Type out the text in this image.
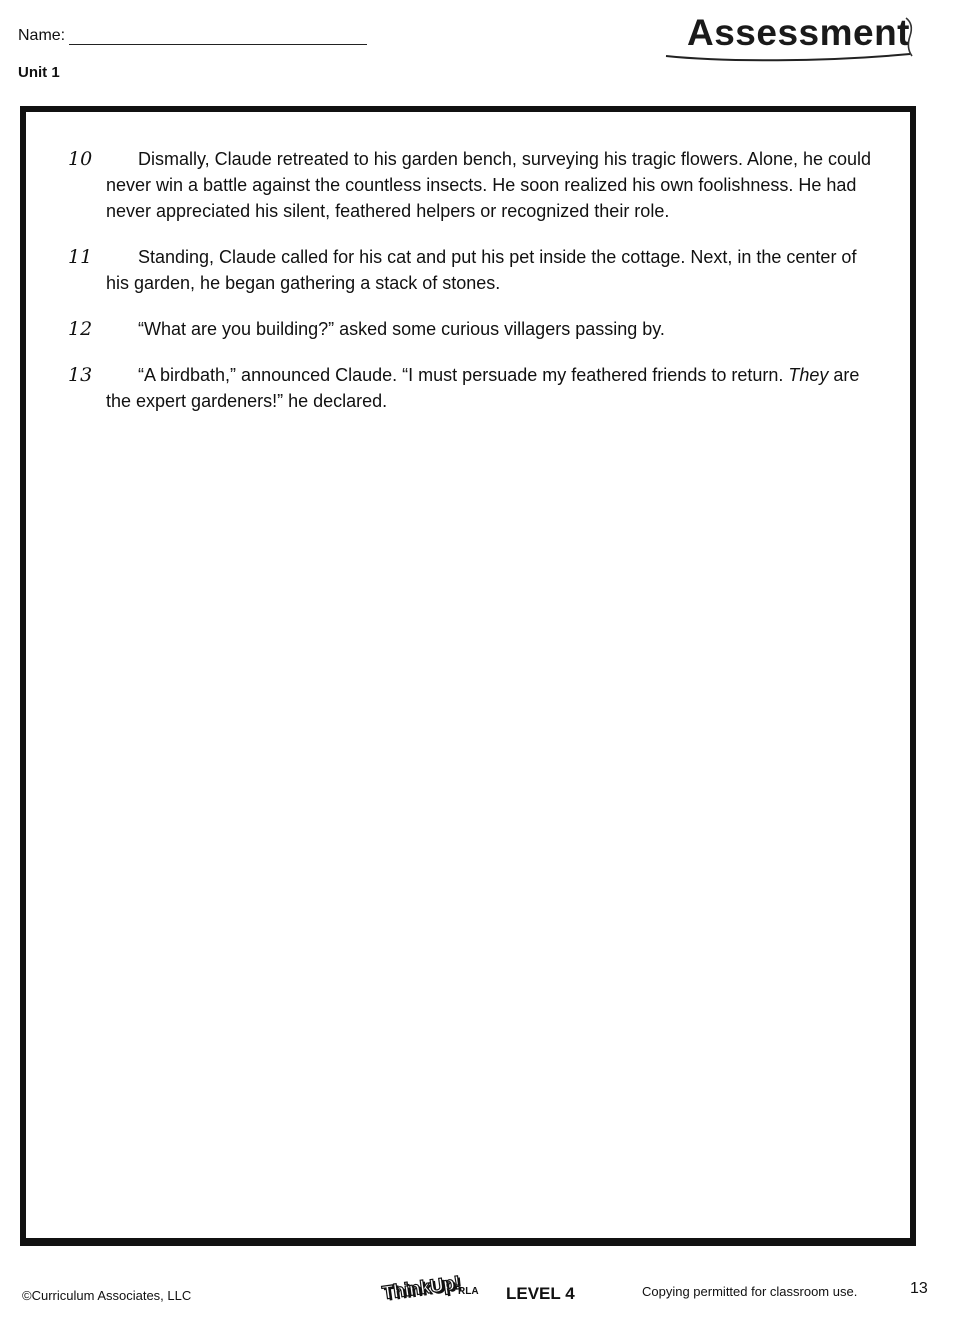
Name:
Unit 1
Assessment
10	Dismally, Claude retreated to his garden bench, surveying his tragic flowers. Alone, he could never win a battle against the countless insects. He soon realized his own foolishness. He had never appreciated his silent, feathered helpers or recognized their role.
11	Standing, Claude called for his cat and put his pet inside the cottage. Next, in the center of his garden, he began gathering a stack of stones.
12	“What are you building?” asked some curious villagers passing by.
13	“A birdbath,” announced Claude. “I must persuade my feathered friends to return. They are the expert gardeners!” he declared.
©Curriculum Associates, LLC	ThinkUp!
RLA LEVEL 4	Copying permitted for classroom use.	13
